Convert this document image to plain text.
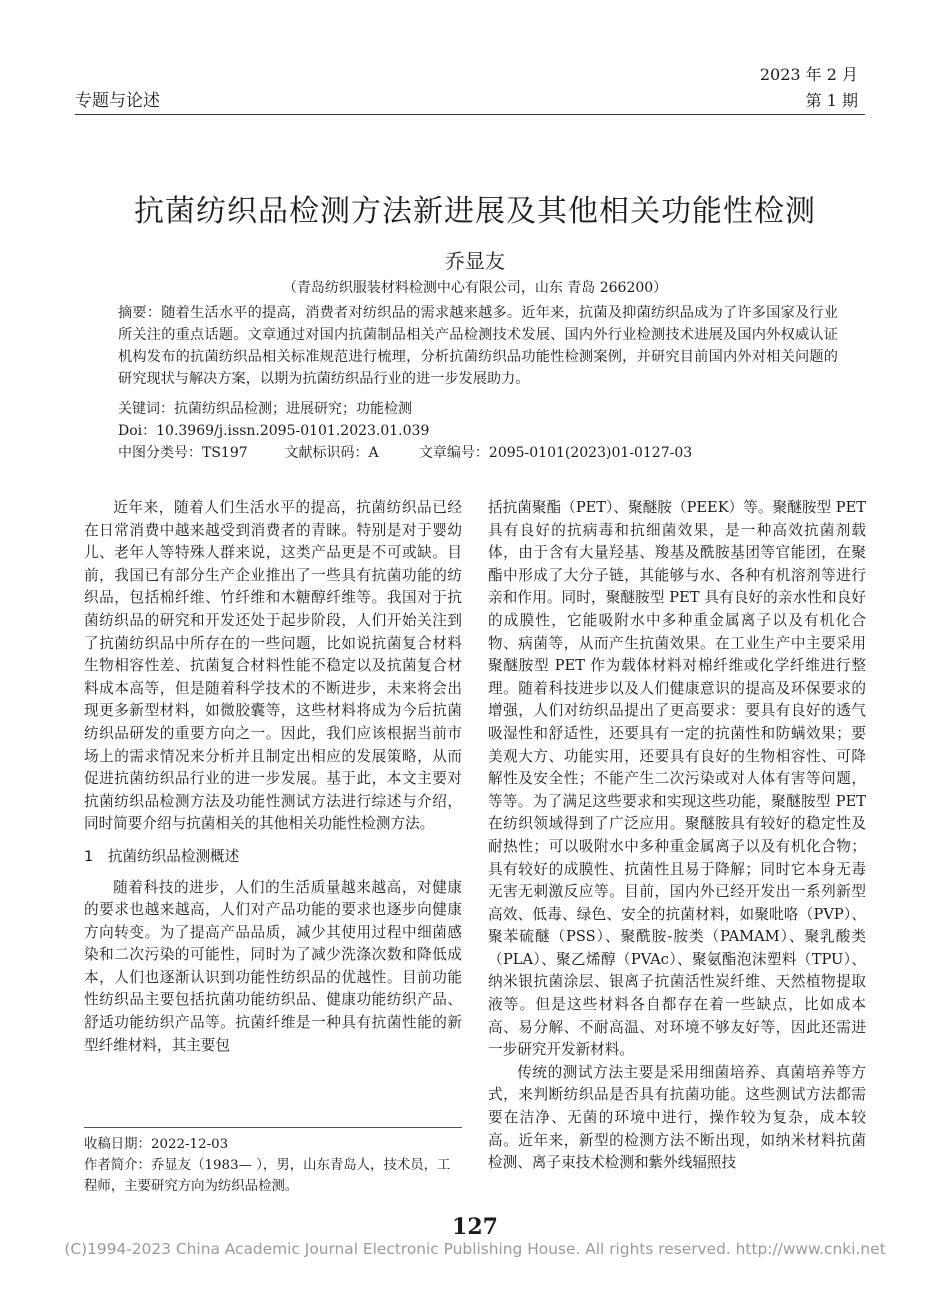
专题与论述
2023 年 2 月
第 1 期
抗菌纺织品检测方法新进展及其他相关功能性检测
乔显友
（青岛纺织服装材料检测中心有限公司，山东 青岛 266200）

摘要：随着生活水平的提高，消费者对纺织品的需求越来越多。近年来，抗菌及抑菌纺织品成为了许多国家及行业所关注的重点话题。文章通过对国内抗菌制品相关产品检测技术发展、国内外行业检测技术进展及国内外权威认证机构发布的抗菌纺织品相关标准规范进行梳理，分析抗菌纺织品功能性检测案例，并研究目前国内外对相关问题的研究现状与解决方案，以期为抗菌纺织品行业的进一步发展助力。

关键词：抗菌纺织品检测；进展研究；功能检测
Doi：10.3969/j.issn.2095-0101.2023.01.039
中图分类号：TS197	文献标识码：A	文章编号：2095-0101(2023)01-0127-03

近年来，随着人们生活水平的提高，抗菌纺织品已经在日常消费中越来越受到消费者的青睐。特别是对于婴幼儿、老年人等特殊人群来说，这类产品更是不可或缺。目前，我国已有部分生产企业推出了一些具有抗菌功能的纺织品，包括棉纤维、竹纤维和木糖醇纤维等。我国对于抗菌纺织品的研究和开发还处于起步阶段，人们开始关注到了抗菌纺织品中所存在的一些问题，比如说抗菌复合材料生物相容性差、抗菌复合材料性能不稳定以及抗菌复合材料成本高等，但是随着科学技术的不断进步，未来将会出现更多新型材料，如微胶囊等，这些材料将成为今后抗菌纺织品研发的重要方向之一。因此，我们应该根据当前市场上的需求情况来分析并且制定出相应的发展策略，从而促进抗菌纺织品行业的进一步发展。基于此，本文主要对抗菌纺织品检测方法及功能性测试方法进行综述与介绍，同时简要介绍与抗菌相关的其他相关功能性检测方法。

1　抗菌纺织品检测概述

随着科技的进步，人们的生活质量越来越高，对健康的要求也越来越高，人们对产品功能的要求也逐步向健康方向转变。为了提高产品品质，减少其使用过程中细菌感染和二次污染的可能性，同时为了减少洗涤次数和降低成本，人们也逐渐认识到功能性纺织品的优越性。目前功能性纺织品主要包括抗菌功能纺织品、健康功能纺织产品、舒适功能纺织产品等。抗菌纤维是一种具有抗菌性能的新型纤维材料，其主要包

括抗菌聚酯（PET）、聚醚胺（PEEK）等。聚醚胺型 PET 具有良好的抗病毒和抗细菌效果，是一种高效抗菌剂载体，由于含有大量羟基、羧基及酰胺基团等官能团，在聚酯中形成了大分子链，其能够与水、各种有机溶剂等进行亲和作用。同时，聚醚胺型 PET 具有良好的亲水性和良好的成膜性，它能吸附水中多种重金属离子以及有机化合物、病菌等，从而产生抗菌效果。在工业生产中主要采用聚醚胺型 PET 作为载体材料对棉纤维或化学纤维进行整理。随着科技进步以及人们健康意识的提高及环保要求的增强，人们对纺织品提出了更高要求：要具有良好的透气吸湿性和舒适性，还要具有一定的抗菌性和防螨效果；要美观大方、功能实用，还要具有良好的生物相容性、可降解性及安全性；不能产生二次污染或对人体有害等问题，等等。为了满足这些要求和实现这些功能，聚醚胺型 PET 在纺织领域得到了广泛应用。聚醚胺具有较好的稳定性及耐热性；可以吸附水中多种重金属离子以及有机化合物；具有较好的成膜性、抗菌性且易于降解；同时它本身无毒无害无刺激反应等。目前，国内外已经开发出一系列新型高效、低毒、绿色、安全的抗菌材料，如聚吡咯（PVP）、聚苯硫醚（PSS）、聚酰胺-胺类（PAMAM）、聚乳酸类（PLA）、聚乙烯醇（PVAc）、聚氨酯泡沫塑料（TPU）、纳米银抗菌涂层、银离子抗菌活性炭纤维、天然植物提取液等。但是这些材料各自都存在着一些缺点，比如成本高、易分解、不耐高温、对环境不够友好等，因此还需进一步研究开发新材料。

传统的测试方法主要是采用细菌培养、真菌培养等方式，来判断纺织品是否具有抗菌功能。这些测试方法都需要在洁净、无菌的环境中进行，操作较为复杂，成本较高。近年来，新型的检测方法不断出现，如纳米材料抗菌检测、离子束技术检测和紫外线辐照技

收稿日期：2022-12-03

作者简介：乔显友（1983— ），男，山东青岛人，技术员，工程师，主要研究方向为纺织品检测。

127
(C)1994-2023 China Academic Journal Electronic Publishing House. All rights reserved. http://www.cnki.net
